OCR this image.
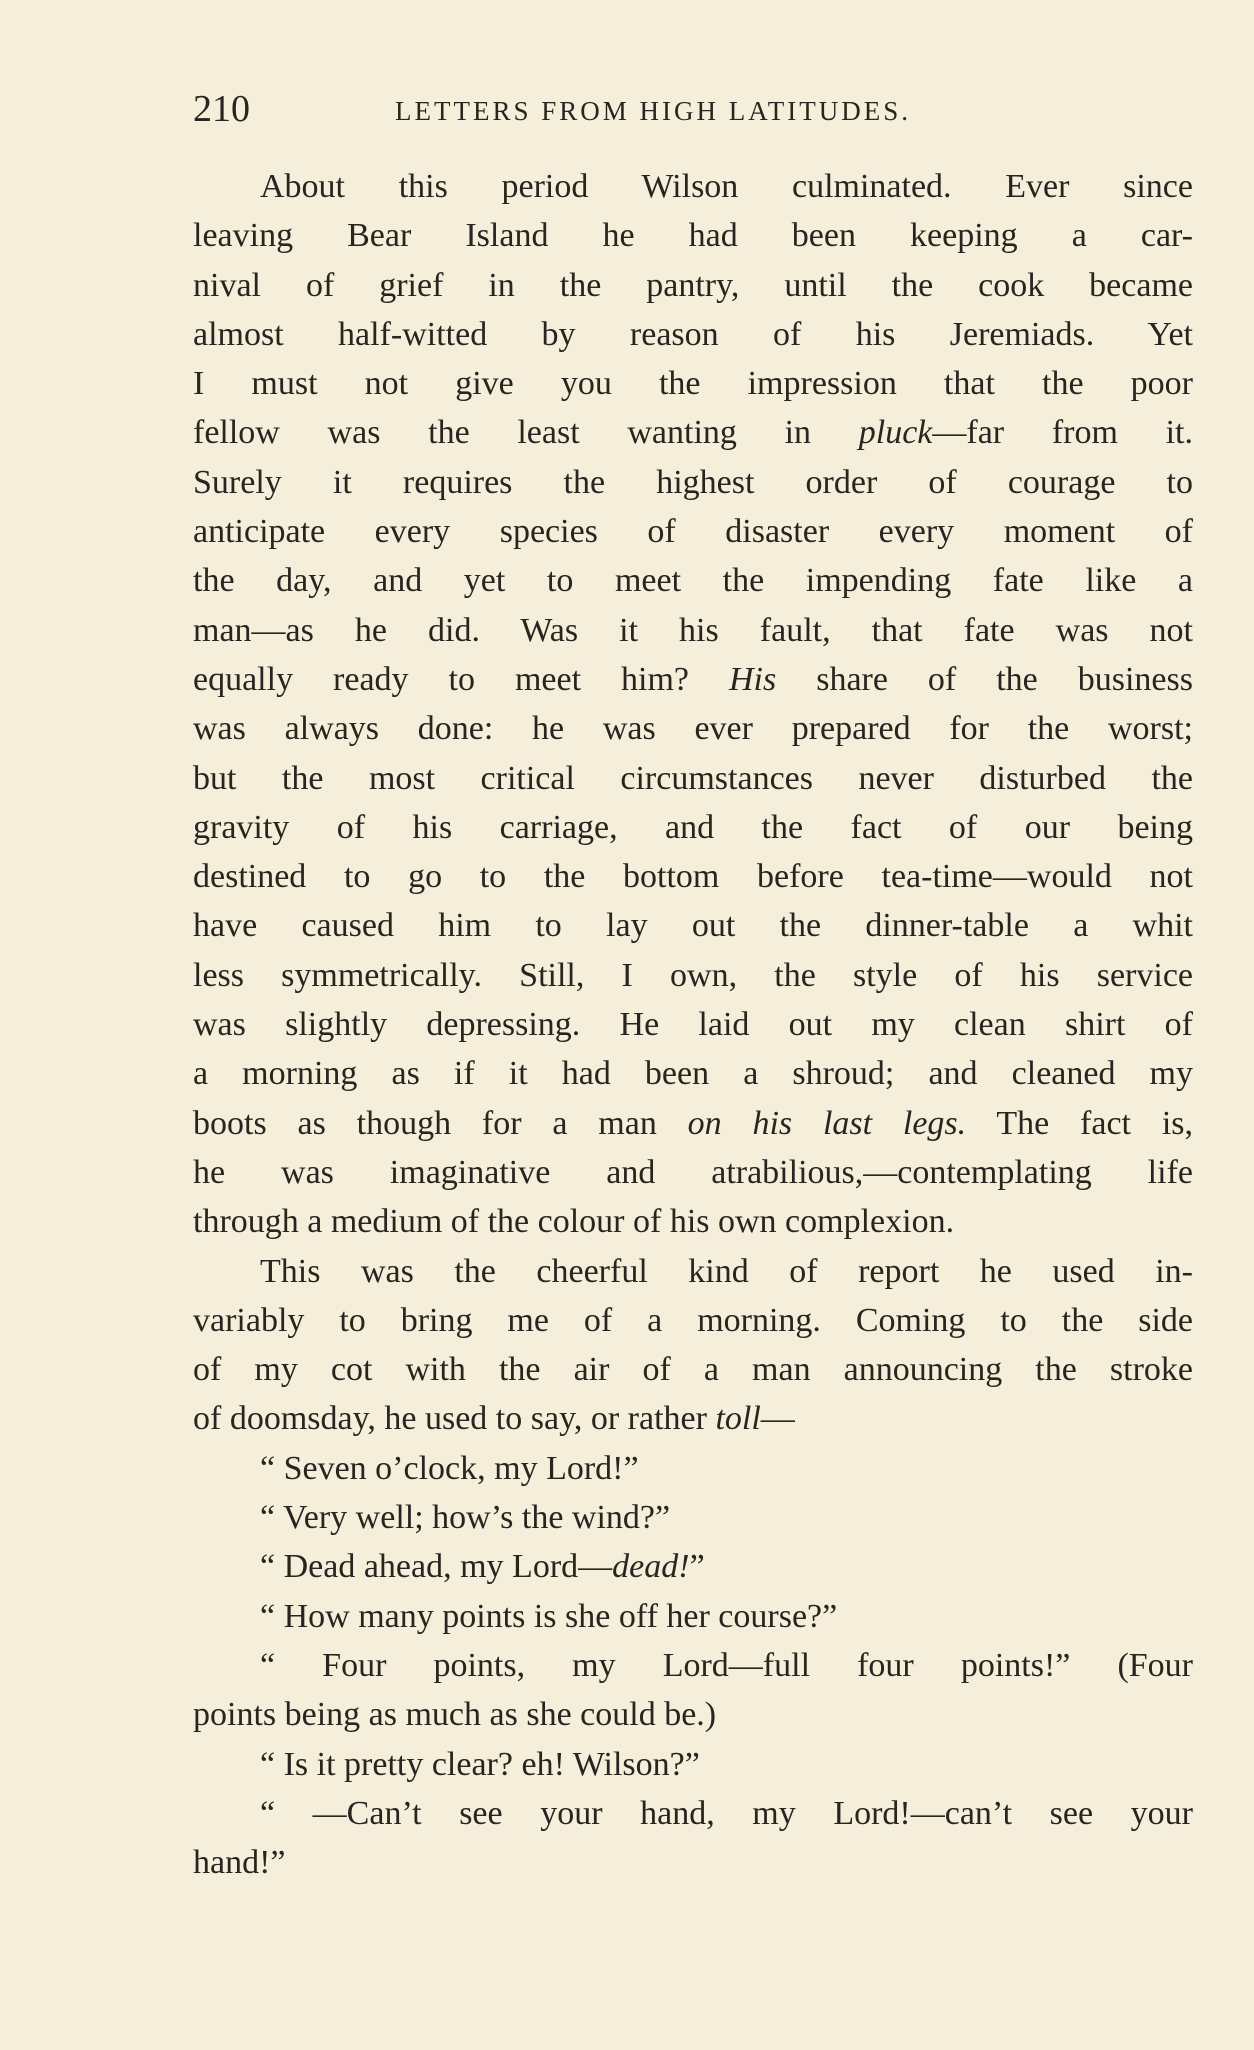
210	LETTERS FROM HIGH LATITUDES.
About this period Wilson culminated. Ever since
leaving Bear Island he had been keeping a car-
nival of grief in the pantry, until the cook became
almost half-witted by reason of his Jeremiads. Yet
I must not give you the impression that the poor
fellow was the least wanting in pluck—far from it.
Surely it requires the highest order of courage to
anticipate every species of disaster every moment of
the day, and yet to meet the impending fate like a
man—as he did. Was it his fault, that fate was not
equally ready to meet him? His share of the business
was always done: he was ever prepared for the worst;
but the most critical circumstances never disturbed the
gravity of his carriage, and the fact of our being
destined to go to the bottom before tea-time—would not
have caused him to lay out the dinner-table a whit
less symmetrically. Still, I own, the style of his service
was slightly depressing. He laid out my clean shirt of
a morning as if it had been a shroud; and cleaned my
boots as though for a man on his last legs. The fact is,
he was imaginative and atrabilious,—contemplating life
through a medium of the colour of his own complexion.
This was the cheerful kind of report he used in-
variably to bring me of a morning. Coming to the side
of my cot with the air of a man announcing the stroke
of doomsday, he used to say, or rather toll—
“ Seven o’clock, my Lord!”
“ Very well; how’s the wind?”
“ Dead ahead, my Lord—dead!”
“ How many points is she off her course?”
“ Four points, my Lord—full four points!” (Four
points being as much as she could be.)
“ Is it pretty clear? eh! Wilson?”
“ —Can’t see your hand, my Lord!—can’t see your
hand!”
